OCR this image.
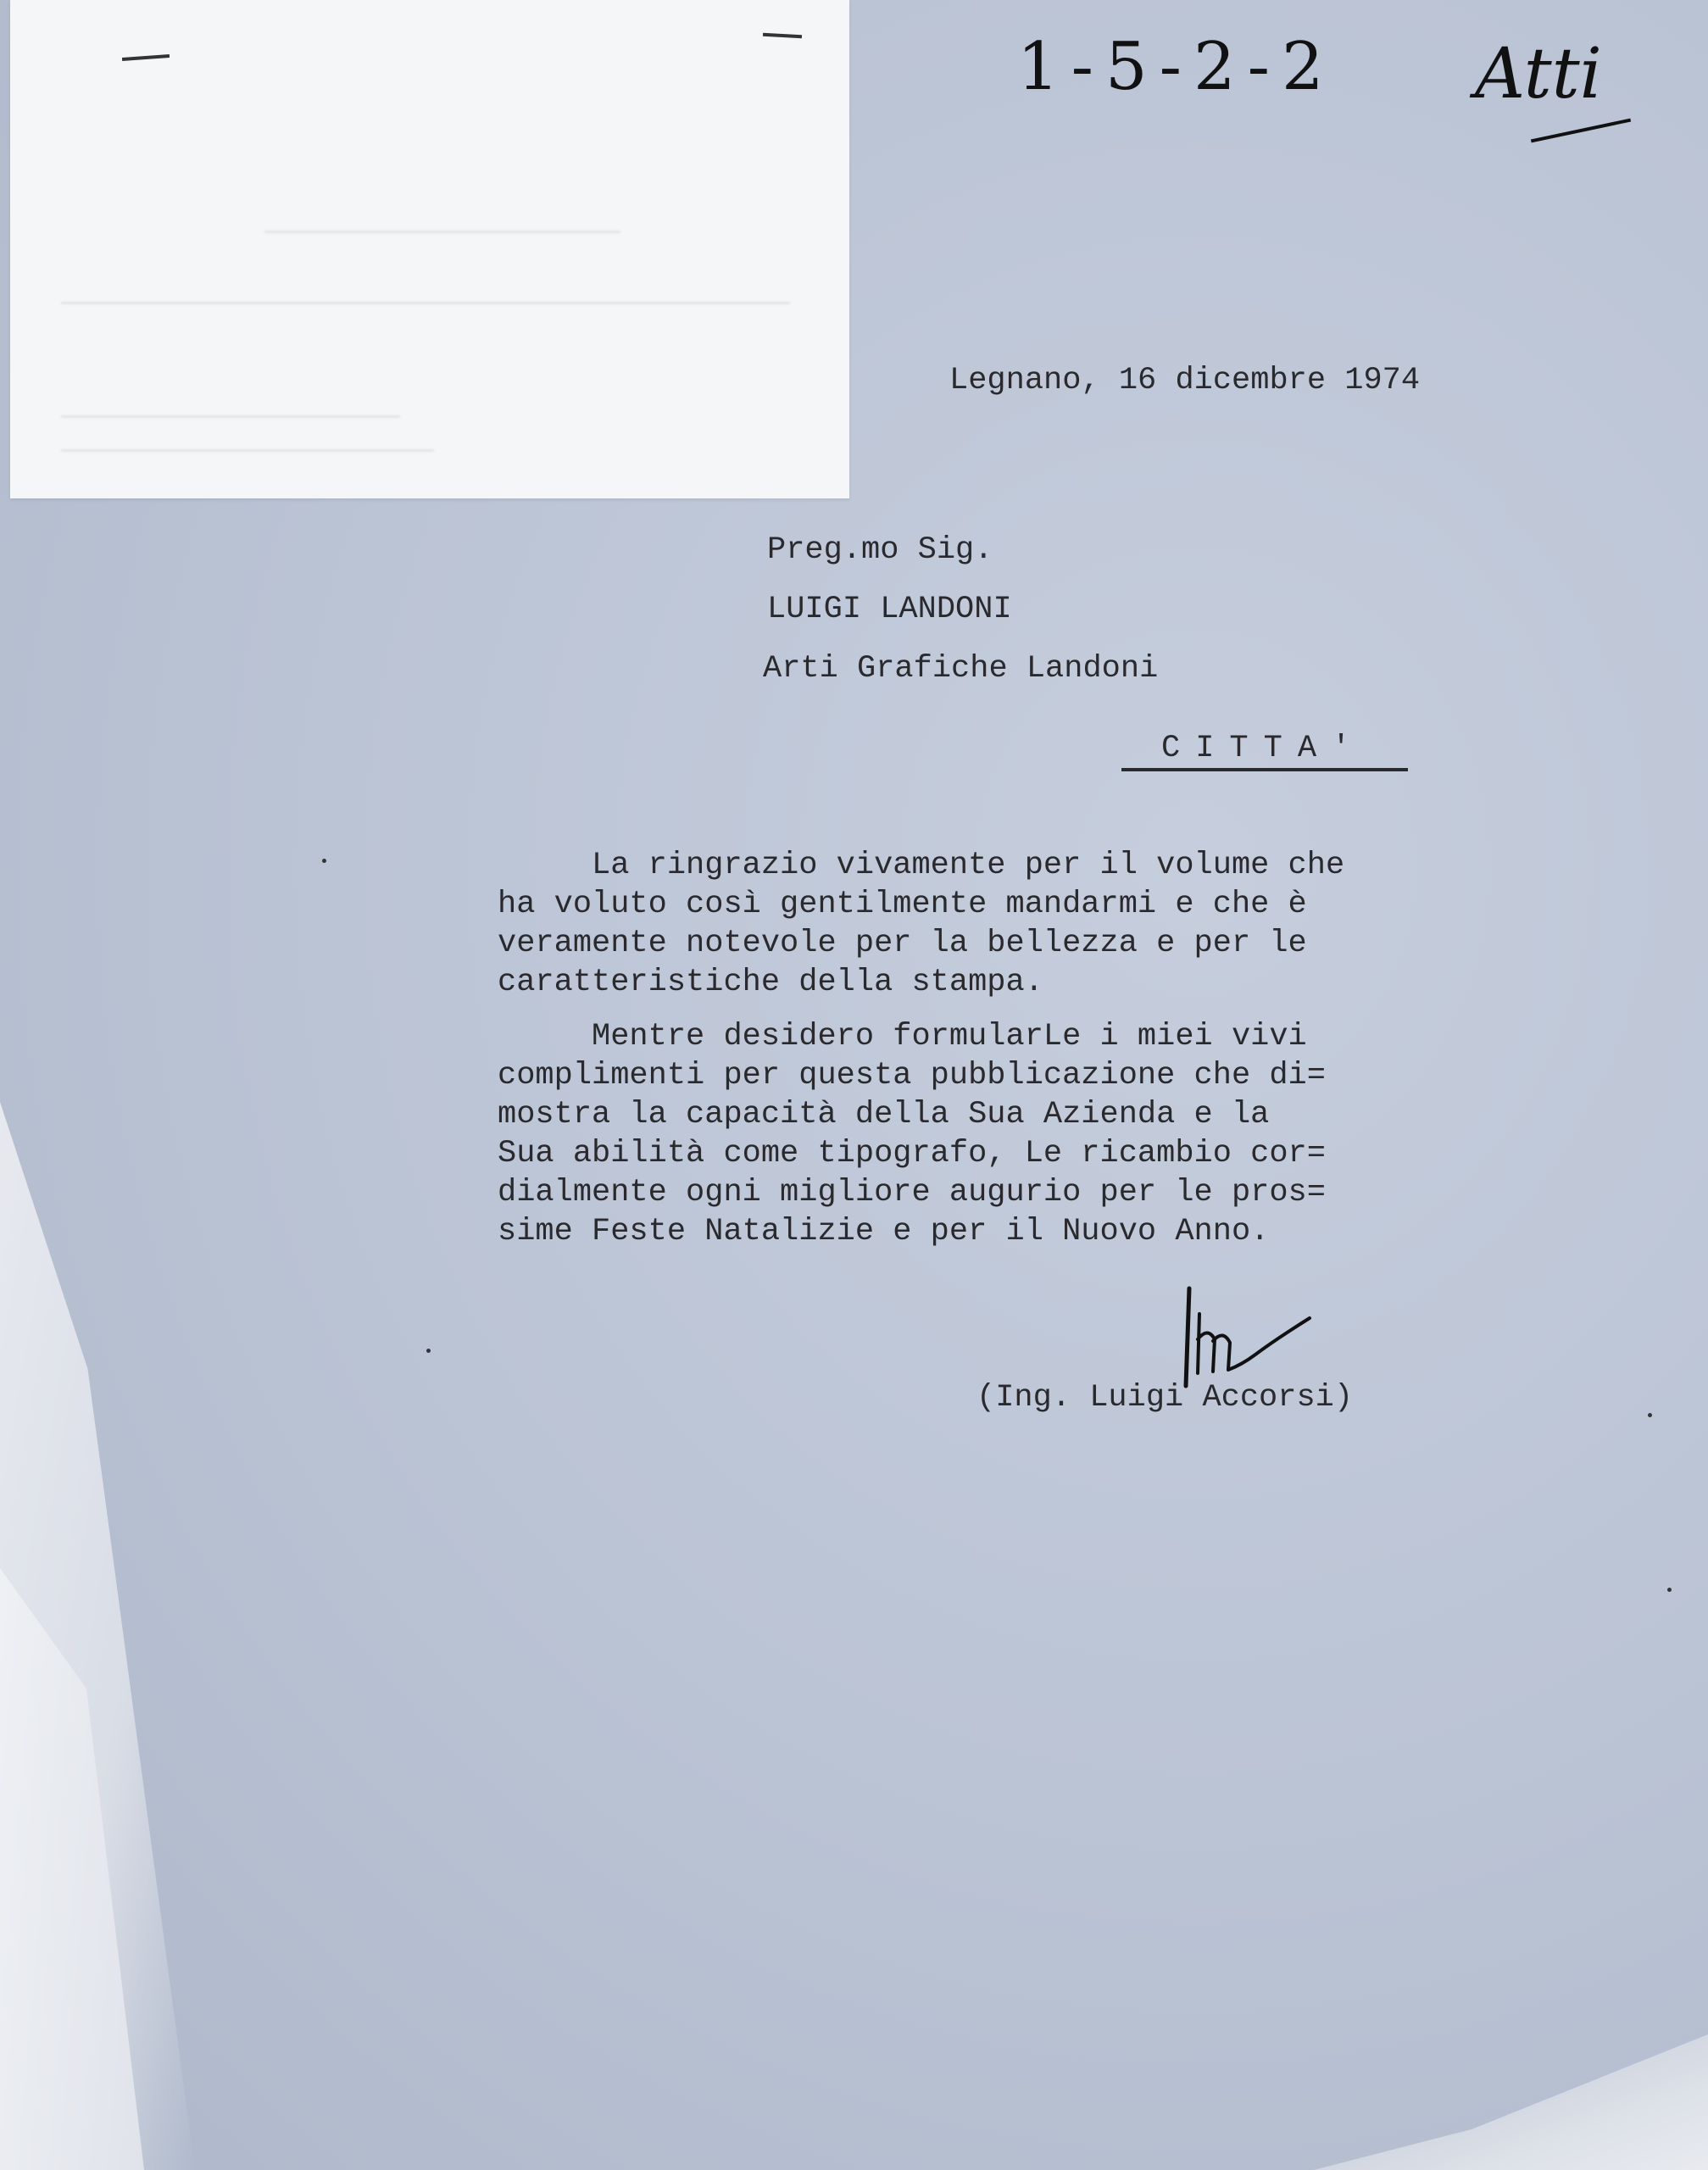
1-5-2-2 Atti
Legnano, 16 dicembre 1974
Preg.mo Sig.
LUIGI LANDONI
Arti Grafiche Landoni
CITTA'
La ringrazio vivamente per il volume che
ha voluto così gentilmente mandarmi e che è
veramente notevole per la bellezza e per le
caratteristiche della stampa.
Mentre desidero formularLe i miei vivi
complimenti per questa pubblicazione che di=
mostra la capacità della Sua Azienda e la
Sua abilità come tipografo, Le ricambio cor=
dialmente ogni migliore augurio per le pros=
sime Feste Natalizie e per il Nuovo Anno.
(Ing. Luigi Accorsi)
